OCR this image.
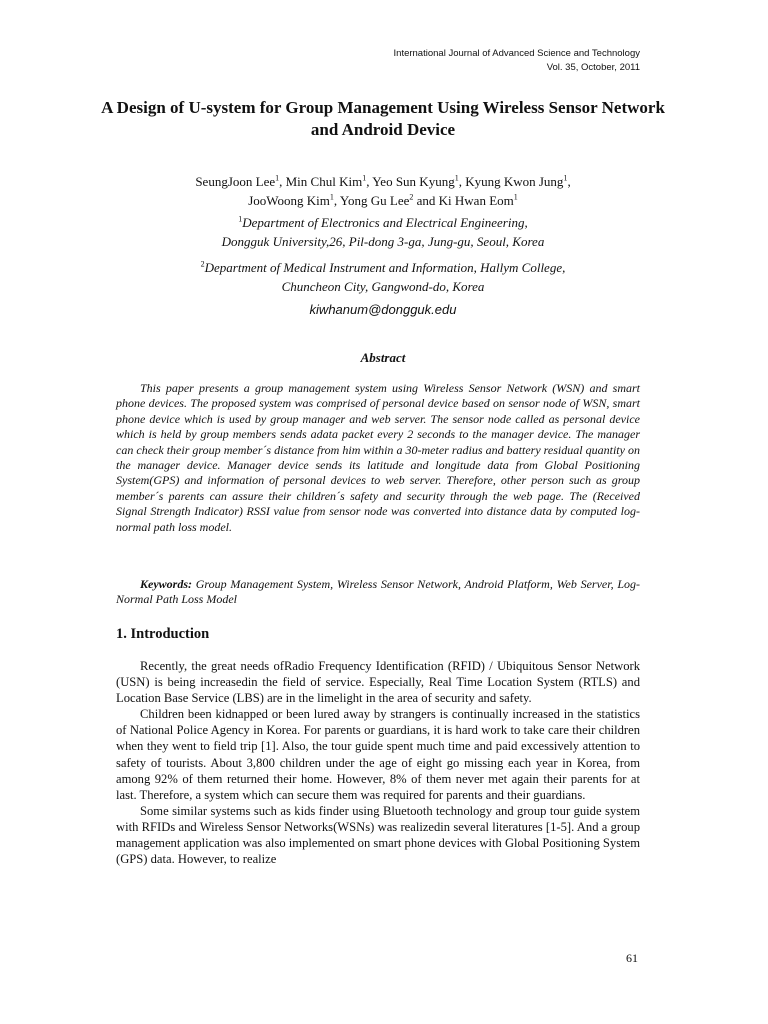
International Journal of Advanced Science and Technology
Vol. 35, October, 2011
A Design of U-system for Group Management Using Wireless Sensor Network and Android Device
SeungJoon Lee$^1$, Min Chul Kim$^1$, Yeo Sun Kyung$^1$, Kyung Kwon Jung$^1$,
JooWoong Kim$^1$, Yong Gu Lee$^2$ and Ki Hwan Eom$^1$
$^1$Department of Electronics and Electrical Engineering,
Dongguk University,26, Pil-dong 3-ga, Jung-gu, Seoul, Korea
$^2$Department of Medical Instrument and Information, Hallym College,
Chuncheon City, Gangwond-do, Korea
kiwhanum@dongguk.edu
Abstract

This paper presents a group management system using Wireless Sensor Network (WSN) and smart phone devices. The proposed system was comprised of personal device based on sensor node of WSN, smart phone device which is used by group manager and web server. The sensor node called as personal device which is held by group members sends adata packet every 2 seconds to the manager device. The manager can check their group member´s distance from him within a 30-meter radius and battery residual quantity on the manager device. Manager device sends its latitude and longitude data from Global Positioning System(GPS) and information of personal devices to web server. Therefore, other person such as group member´s parents can assure their children´s safety and security through the web page. The (Received Signal Strength Indicator) RSSI value from sensor node was converted into distance data by computed log-normal path loss model.

Keywords: Group Management System, Wireless Sensor Network, Android Platform, Web Server, Log-Normal Path Loss Model

1. Introduction

Recently, the great needs ofRadio Frequency Identification (RFID) / Ubiquitous Sensor Network (USN) is being increasedin the field of service. Especially, Real Time Location System (RTLS) and Location Base Service (LBS) are in the limelight in the area of security and safety.

Children been kidnapped or been lured away by strangers is continually increased in the statistics of National Police Agency in Korea. For parents or guardians, it is hard work to take care their children when they went to field trip [1]. Also, the tour guide spent much time and paid excessively attention to safety of tourists. About 3,800 children under the age of eight go missing each year in Korea, from among 92% of them returned their home. However, 8% of them never met again their parents for at last. Therefore, a system which can secure them was required for parents and their guardians.

Some similar systems such as kids finder using Bluetooth technology and group tour guide system with RFIDs and Wireless Sensor Networks(WSNs) was realizedin several literatures [1-5]. And a group management application was also implemented on smart phone devices with Global Positioning System (GPS) data. However, to realize

61
